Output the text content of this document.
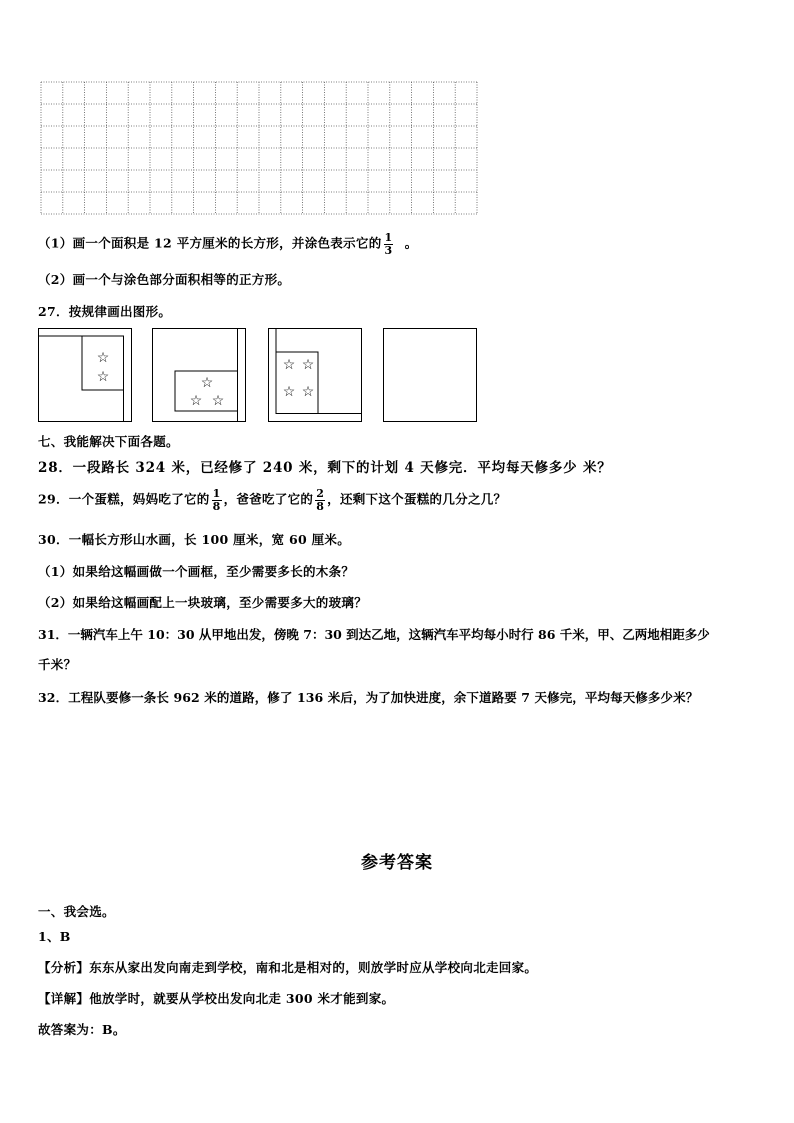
（1）画一个面积是 12 平方厘米的长方形，并涂色表示它的 $\frac{1}{3}$ 。
（2）画一个与涂色部分面积相等的正方形。
27．按规律画出图形。
☆
☆	☆
☆ ☆
☆ ☆
☆ ☆
七、我能解决下面各题。
28．一段路长 324 米，已经修了 240 米，剩下的计划 4 天修完．平均每天修多少 米？
29．一个蛋糕，妈妈吃了它的 $\frac{1}{8}$ ，爸爸吃了它的 $\frac{2}{8}$ ，还剩下这个蛋糕的几分之几？
30．一幅长方形山水画，长 100 厘米，宽 60 厘米。
（1）如果给这幅画做一个画框，至少需要多长的木条？
（2）如果给这幅画配上一块玻璃，至少需要多大的玻璃？
31．一辆汽车上午 10：30 从甲地出发，傍晚 7：30 到达乙地，这辆汽车平均每小时行 86 千米，甲、乙两地相距多少
千米？
32．工程队要修一条长 962 米的道路，修了 136 米后，为了加快进度，余下道路要 7 天修完，平均每天修多少米？
参考答案
一、我会选。
1、B
【分析】东东从家出发向南走到学校，南和北是相对的，则放学时应从学校向北走回家。
【详解】他放学时，就要从学校出发向北走 300 米才能到家。
故答案为：B。
